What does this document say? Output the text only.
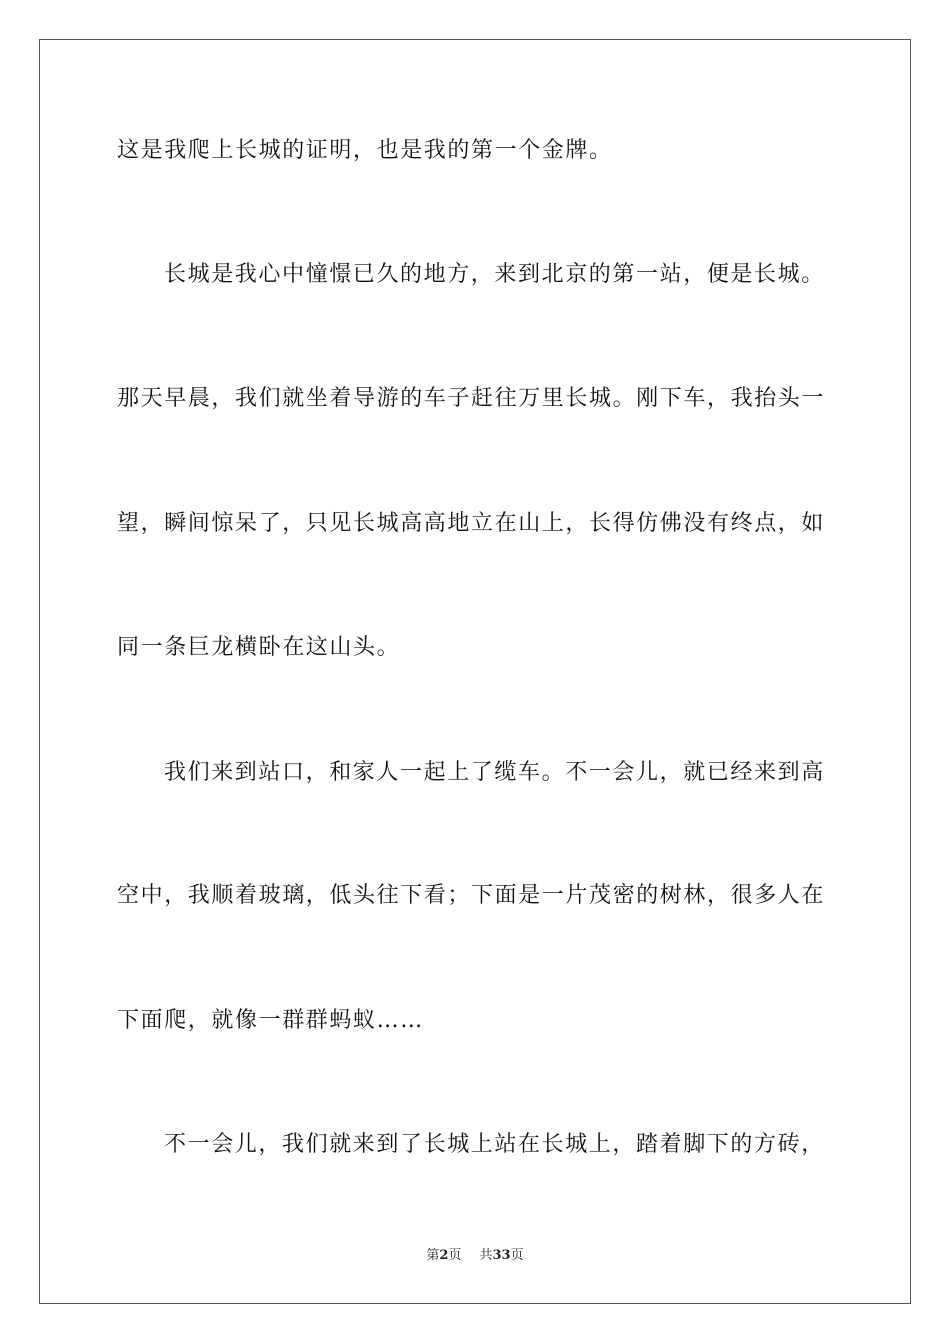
这是我爬上长城的证明，也是我的第一个金牌。
长城是我心中憧憬已久的地方，来到北京的第一站，便是长城。
那天早晨，我们就坐着导游的车子赶往万里长城。刚下车，我抬头一
望，瞬间惊呆了，只见长城高高地立在山上，长得仿佛没有终点，如
同一条巨龙横卧在这山头。
我们来到站口，和家人一起上了缆车。不一会儿，就已经来到高
空中，我顺着玻璃，低头往下看；下面是一片茂密的树林，很多人在
下面爬，就像一群群蚂蚁……
不一会儿，我们就来到了长城上站在长城上，踏着脚下的方砖，
第2页 共33页
